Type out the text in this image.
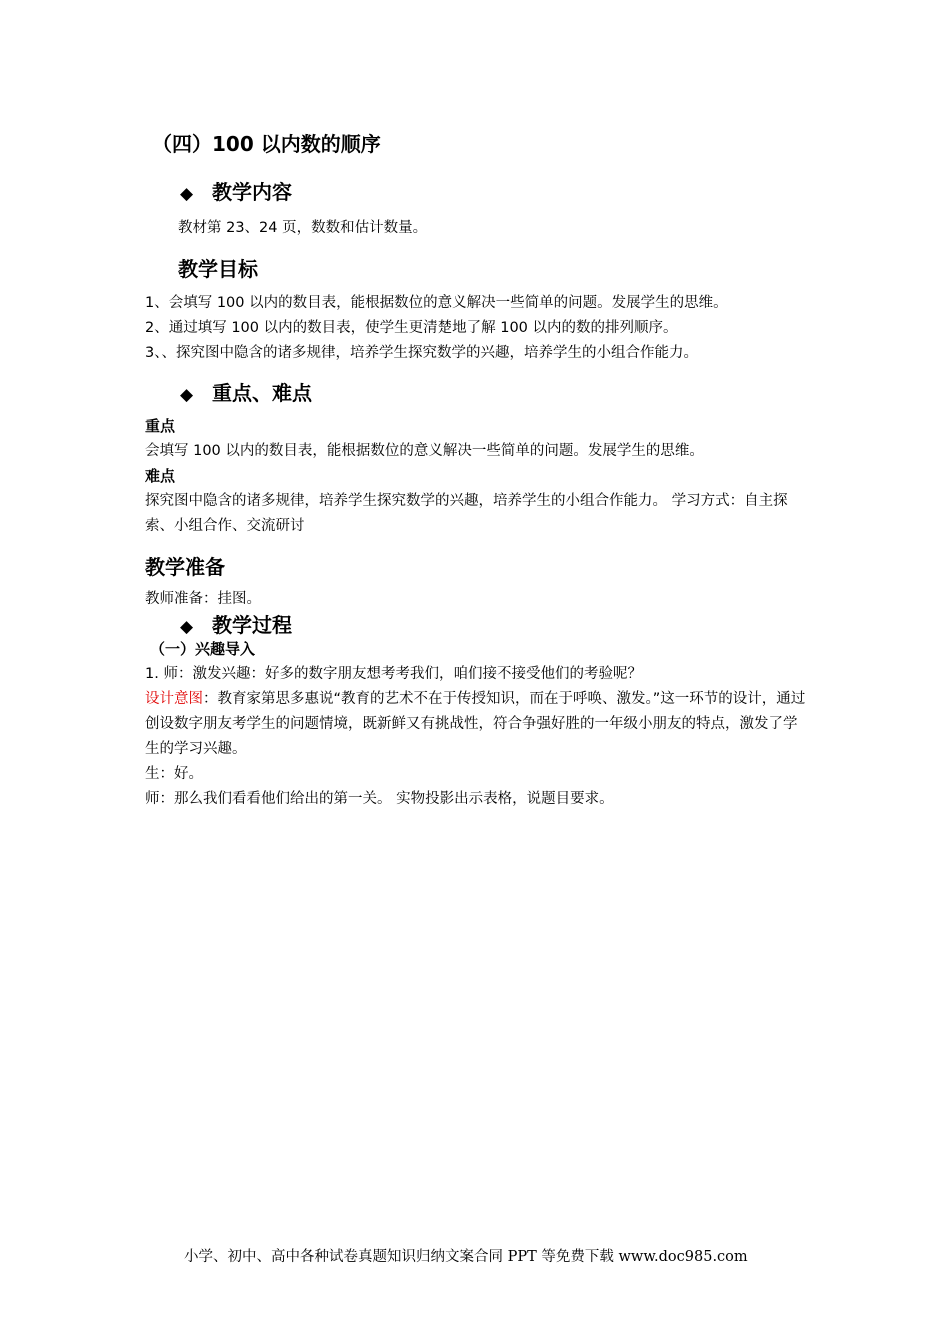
（四）100 以内数的顺序
◆ 教学内容
教材第 23、24 页，数数和估计数量。
教学目标
1、会填写 100 以内的数目表，能根据数位的意义解决一些简单的问题。发展学生的思维。
2、通过填写 100 以内的数目表，使学生更清楚地了解 100 以内的数的排列顺序。
3、、探究图中隐含的诸多规律，培养学生探究数学的兴趣，培养学生的小组合作能力。
◆ 重点、难点
重点
会填写 100 以内的数目表，能根据数位的意义解决一些简单的问题。发展学生的思维。
难点
探究图中隐含的诸多规律，培养学生探究数学的兴趣，培养学生的小组合作能力。 学习方式：自主探索、小组合作、交流研讨
教学准备
教师准备：挂图。
◆ 教学过程
（一）兴趣导入
1. 师：激发兴趣：好多的数字朋友想考考我们，咱们接不接受他们的考验呢？
设计意图：教育家第思多惠说“教育的艺术不在于传授知识，而在于呼唤、激发。”这一环节的设计，通过创设数字朋友考学生的问题情境，既新鲜又有挑战性，符合争强好胜的一年级小朋友的特点，激发了学生的学习兴趣。
生：好。
师：那么我们看看他们给出的第一关。 实物投影出示表格，说题目要求。
小学、初中、高中各种试卷真题知识归纳文案合同 PPT 等免费下载 www.doc985.com
